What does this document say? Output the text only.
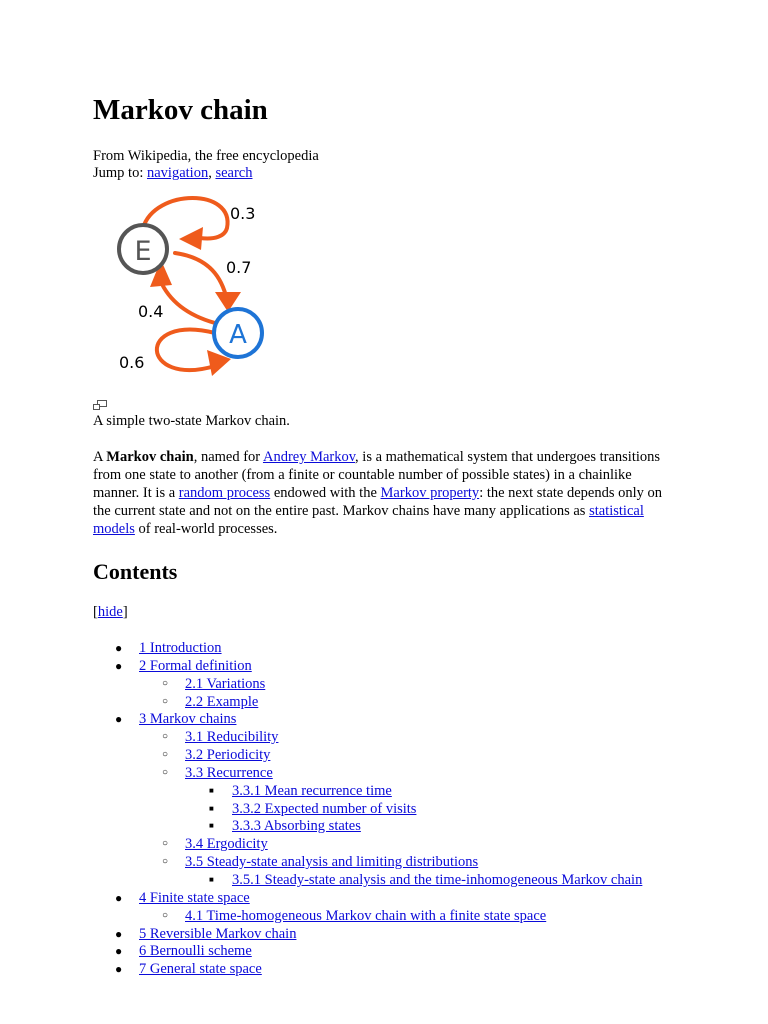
Markov chain

From Wikipedia, the free encyclopedia

Jump to: navigation, search

E
A
0.3
0.7
0.4
0.6

A simple two-state Markov chain.

A Markov chain, named for Andrey Markov, is a mathematical system that undergoes transitions from one state to another (from a finite or countable number of possible states) in a chainlike manner. It is a random process endowed with the Markov property: the next state depends only on the current state and not on the entire past. Markov chains have many applications as statistical models of real-world processes.

Contents

[hide]

● 1 Introduction
● 2 Formal definition
○ 2.1 Variations
○ 2.2 Example
● 3 Markov chains
○ 3.1 Reducibility
○ 3.2 Periodicity
○ 3.3 Recurrence
■ 3.3.1 Mean recurrence time
■ 3.3.2 Expected number of visits
■ 3.3.3 Absorbing states
○ 3.4 Ergodicity
○ 3.5 Steady-state analysis and limiting distributions
■ 3.5.1 Steady-state analysis and the time-inhomogeneous Markov chain
● 4 Finite state space
○ 4.1 Time-homogeneous Markov chain with a finite state space
● 5 Reversible Markov chain
● 6 Bernoulli scheme
● 7 General state space
